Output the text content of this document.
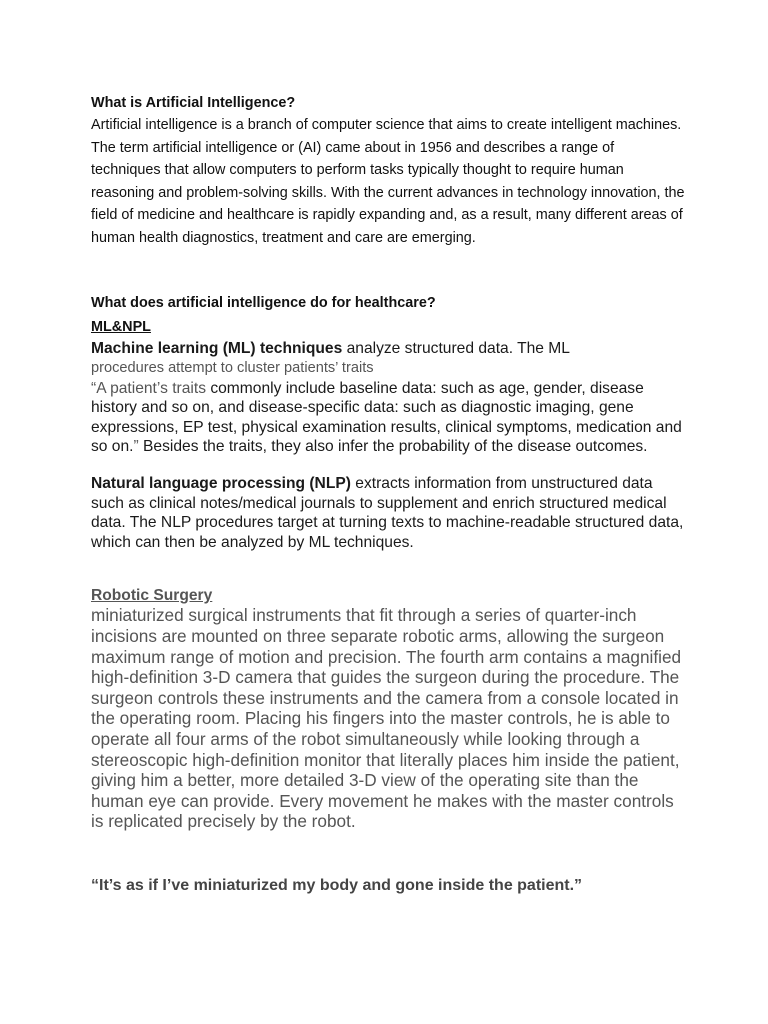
What is Artificial Intelligence?

Artificial intelligence is a branch of computer science that aims to create intelligent machines. The term artificial intelligence or (AI) came about in 1956 and describes a range of techniques that allow computers to perform tasks typically thought to require human reasoning and problem-solving skills. With the current advances in technology innovation, the field of medicine and healthcare is rapidly expanding and, as a result, many different areas of human health diagnostics, treatment and care are emerging.

What does artificial intelligence do for healthcare?

ML&NPL

Machine learning (ML) techniques analyze structured data. The ML
procedures attempt to cluster patients’ traits
“A patient’s traits commonly include baseline data: such as age, gender, disease history and so on, and disease-specific data: such as diagnostic imaging, gene expressions, EP test, physical examination results, clinical symptoms, medication and so on.” Besides the traits, they also infer the probability of the disease outcomes.

Natural language processing (NLP) extracts information from unstructured data such as clinical notes/medical journals to supplement and enrich structured medical data. The NLP procedures target at turning texts to machine-readable structured data, which can then be analyzed by ML techniques.

Robotic Surgery

miniaturized surgical instruments that fit through a series of quarter-inch incisions are mounted on three separate robotic arms, allowing the surgeon maximum range of motion and precision. The fourth arm contains a magnified high-definition 3-D camera that guides the surgeon during the procedure. The surgeon controls these instruments and the camera from a console located in the operating room. Placing his fingers into the master controls, he is able to operate all four arms of the robot simultaneously while looking through a stereoscopic high-definition monitor that literally places him inside the patient, giving him a better, more detailed 3-D view of the operating site than the human eye can provide. Every movement he makes with the master controls is replicated precisely by the robot.

“It’s as if I’ve miniaturized my body and gone inside the patient.”
